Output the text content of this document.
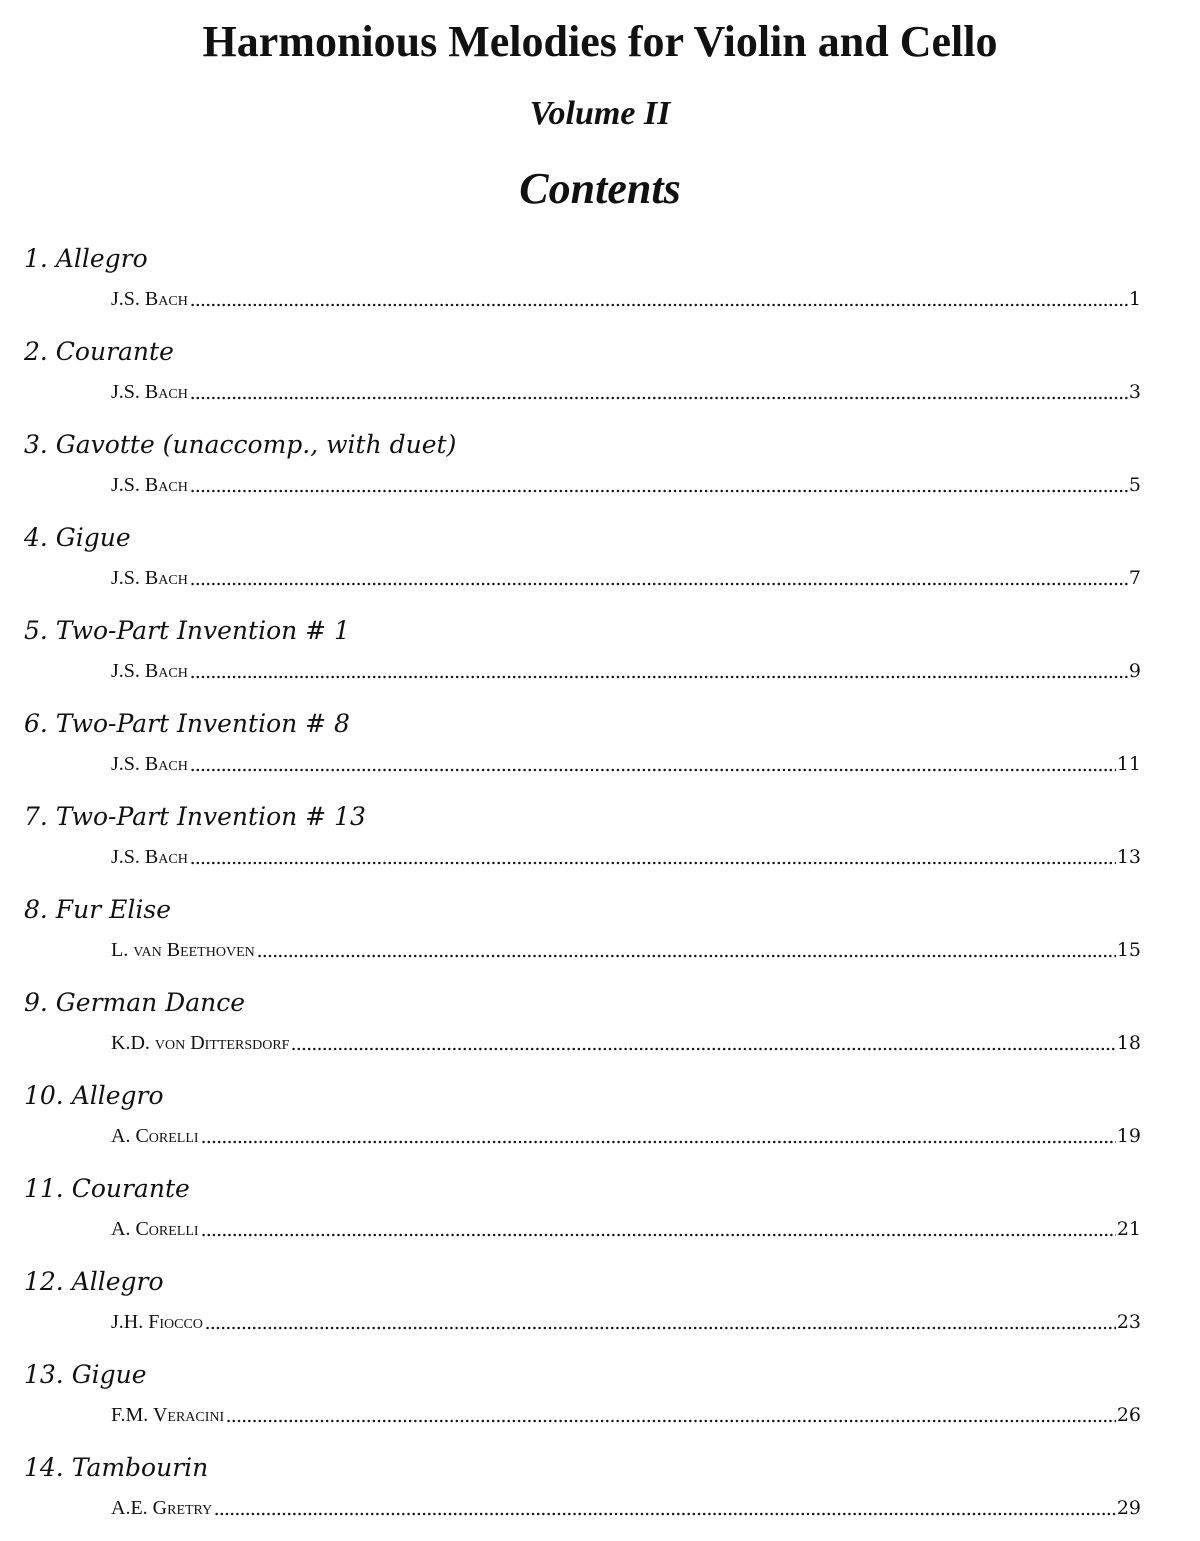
Harmonious Melodies for Violin and Cello
Volume II
Contents
1. Allegro
J.S. Bach	1
2. Courante
J.S. Bach	3
3. Gavotte (unaccomp., with duet)
J.S. Bach	5
4. Gigue
J.S. Bach	7
5. Two-Part Invention # 1
J.S. Bach	9
6. Two-Part Invention # 8
J.S. Bach	11
7. Two-Part Invention # 13
J.S. Bach	13
8. Fur Elise
L. van Beethoven	15
9. German Dance
K.D. von Dittersdorf	18
10. Allegro
A. Corelli	19
11. Courante
A. Corelli	21
12. Allegro
J.H. Fiocco	23
13. Gigue
F.M. Veracini	26
14. Tambourin
A.E. Gretry	29
